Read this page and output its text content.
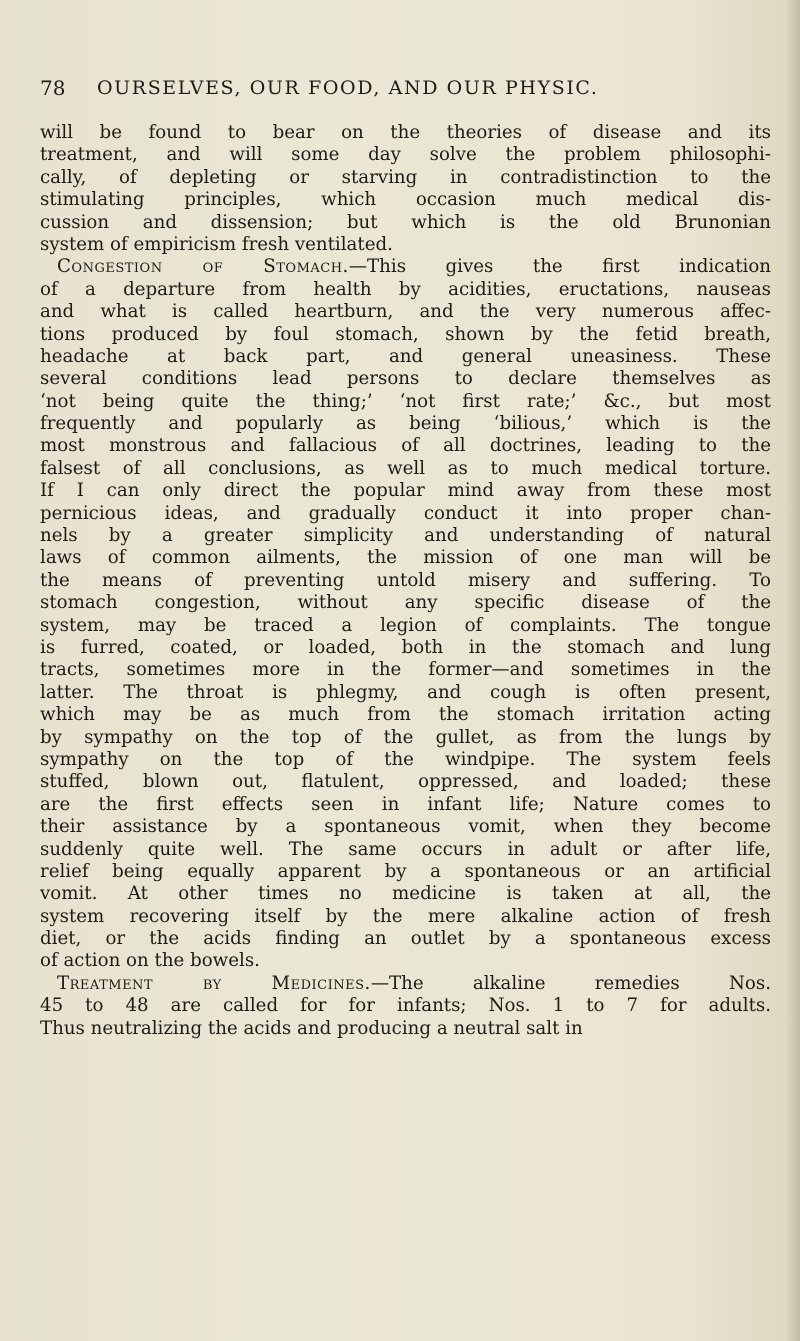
78 OURSELVES, OUR FOOD, AND OUR PHYSIC.
will be found to bear on the theories of disease and its
treatment, and will some day solve the problem philosophi-
cally, of depleting or starving in contradistinction to the
stimulating principles, which occasion much medical dis-
cussion and dissension; but which is the old Brunonian
system of empiricism fresh ventilated.
Congestion of Stomach.—This gives the first indication
of a departure from health by acidities, eructations, nauseas
and what is called heartburn, and the very numerous affec-
tions produced by foul stomach, shown by the fetid breath,
headache at back part, and general uneasiness. These
several conditions lead persons to declare themselves as
‘not being quite the thing;’ ‘not first rate;’ &c., but most
frequently and popularly as being ‘bilious,’ which is the
most monstrous and fallacious of all doctrines, leading to the
falsest of all conclusions, as well as to much medical torture.
If I can only direct the popular mind away from these most
pernicious ideas, and gradually conduct it into proper chan-
nels by a greater simplicity and understanding of natural
laws of common ailments, the mission of one man will be
the means of preventing untold misery and suffering. To
stomach congestion, without any specific disease of the
system, may be traced a legion of complaints. The tongue
is furred, coated, or loaded, both in the stomach and lung
tracts, sometimes more in the former—and sometimes in the
latter. The throat is phlegmy, and cough is often present,
which may be as much from the stomach irritation acting
by sympathy on the top of the gullet, as from the lungs by
sympathy on the top of the windpipe. The system feels
stuffed, blown out, flatulent, oppressed, and loaded; these
are the first effects seen in infant life; Nature comes to
their assistance by a spontaneous vomit, when they become
suddenly quite well. The same occurs in adult or after life,
relief being equally apparent by a spontaneous or an artificial
vomit. At other times no medicine is taken at all, the
system recovering itself by the mere alkaline action of fresh
diet, or the acids finding an outlet by a spontaneous excess
of action on the bowels.
Treatment by Medicines.—The alkaline remedies Nos.
45 to 48 are called for for infants; Nos. 1 to 7 for adults.
Thus neutralizing the acids and producing a neutral salt in
